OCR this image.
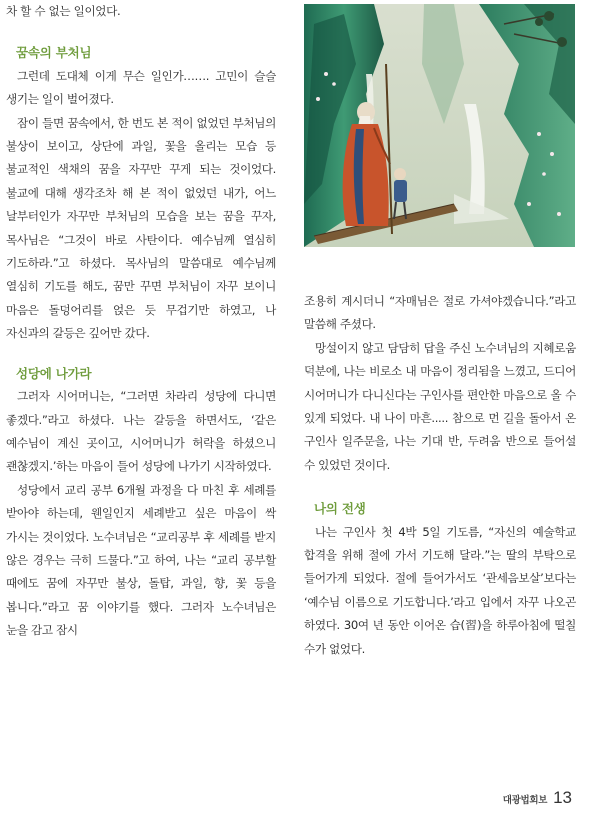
차 할 수 없는 일이었다.

꿈속의 부처님

그런데 도대체 이게 무슨 일인가……. 고민이 슬슬 생기는 일이 벌어졌다.

잠이 들면 꿈속에서, 한 번도 본 적이 없었던 부처님의 불상이 보이고, 상단에 과일, 꽃을 올리는 모습 등 불교적인 색채의 꿈을 자꾸만 꾸게 되는 것이었다. 불교에 대해 생각조차 해 본 적이 없었던 내가, 어느 날부터인가 자꾸만 부처님의 모습을 보는 꿈을 꾸자, 목사님은 “그것이 바로 사탄이다. 예수님께 열심히 기도하라.”고 하셨다. 목사님의 말씀대로 예수님께 열심히 기도를 해도, 꿈만 꾸면 부처님이 자꾸 보이니 마음은 돌덩어리를 얹은 듯 무겁기만 하였고, 나 자신과의 갈등은 깊어만 갔다.

성당에 나가라

그러자 시어머니는, “그러면 차라리 성당에 다니면 좋겠다.”라고 하셨다. 나는 갈등을 하면서도, ‘같은 예수님이 계신 곳이고, 시어머니가 허락을 하셨으니 괜찮겠지.’하는 마음이 들어 성당에 나가기 시작하였다.

성당에서 교리 공부 6개월 과정을 다 마친 후 세례를 받아야 하는데, 웬일인지 세례받고 싶은 마음이 싹 가시는 것이었다. 노수녀님은 “교리공부 후 세례를 받지 않은 경우는 극히 드물다.”고 하여, 나는 “교리 공부할 때에도 꿈에 자꾸만 불상, 돌탑, 과일, 향, 꽃 등을 봅니다.”라고 꿈 이야기를 했다. 그러자 노수녀님은 눈을 감고 잠시

조용히 계시더니 “자매님은 절로 가셔야겠습니다.”라고 말씀해 주셨다.

망설이지 않고 담담히 답을 주신 노수녀님의 지혜로움 덕분에, 나는 비로소 내 마음이 정리됨을 느꼈고, 드디어 시어머니가 다니신다는 구인사를 편안한 마음으로 올 수 있게 되었다. 내 나이 마흔..... 참으로 먼 길을 돌아서 온 구인사 일주문을, 나는 기대 반, 두려움 반으로 들어설 수 있었던 것이다.

나의 전생

나는 구인사 첫 4박 5일 기도름, “자신의 예술학교 합격을 위해 절에 가서 기도해 달라.”는 딸의 부탁으로 들어가게 되었다. 절에 들어가서도 ‘관세음보살’보다는 ‘예수님 이름으로 기도합니다.’라고 입에서 자꾸 나오곤 하였다. 30여 년 동안 이어온 습(習)을 하루아침에 떨칠 수가 없었다.

대광법회보 13
